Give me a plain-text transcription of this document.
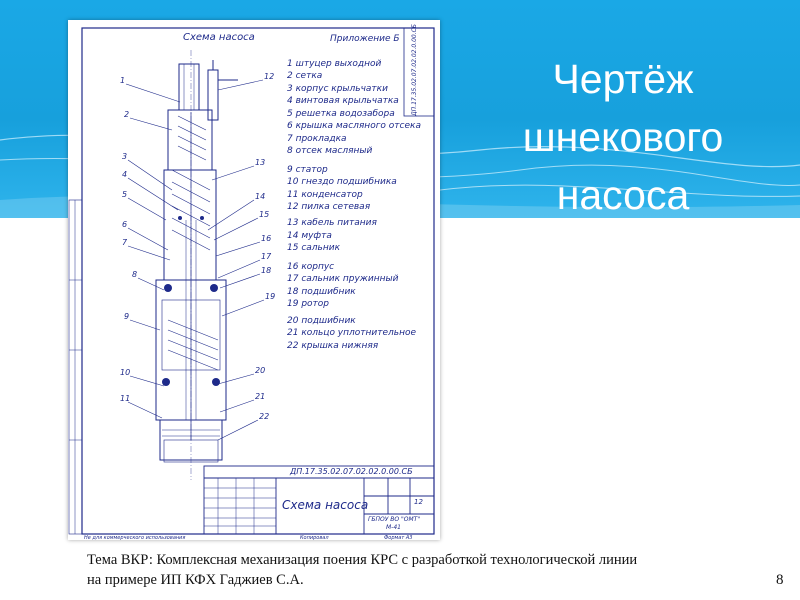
Чертёж
шнекового
насоса
Схема насоса	Приложение Б ДП.17.35.02.07.02.02.0.00.СБ
1 штуцер выходной
2 сетка
3 корпус крыльчатки
4 винтовая крыльчатка
5 решетка водозабора
6 крышка масляного отсека
7 прокладка
8 отсек масляный
9 статор
10 гнездо подшибника
11 конденсатор
12 пилка сетевая
13 кабель питания
14 муфта
15 сальник
16 корпус
17 сальник пружинный
18 подшибник
19 ротор
20 подшибник
21 кольцо уплотнительное
22 крышка нижняя
1
2
3
4
5
6
7
8
9
10
11
12
13
14
15
16
17
18
19
20
21
22
ДП.17.35.02.07.02.02.0.00.СБ
Схема насоса	12
ГБПОУ ВО "ОМТ"
М-41
Копировал	Формат А3
Не для коммерческого использования
Тема ВКР: Комплексная механизация поения КРС с разработкой технологической линии
на примере ИП КФХ Гаджиев С.А.	8
